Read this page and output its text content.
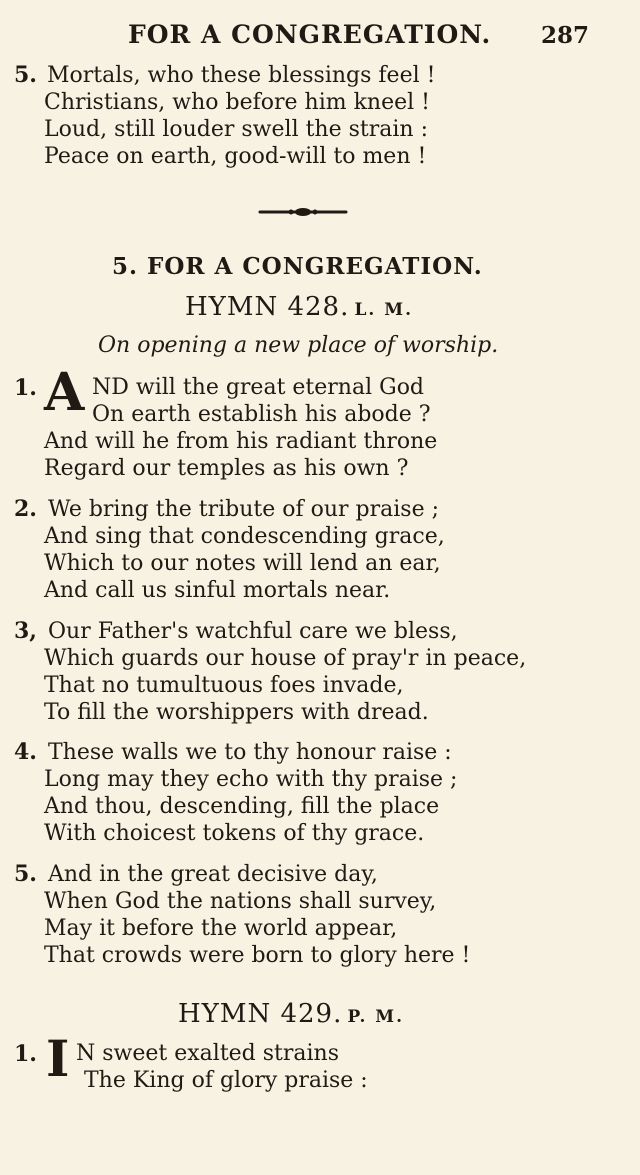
FOR A CONGREGATION. 287
5. Mortals, who these blessings feel !
Christians, who before him kneel !
Loud, still louder swell the strain :
Peace on earth, good-will to men !
5. FOR A CONGREGATION.
HYMN 428. L. M.
On opening a new place of worship.
1. A ND will the great eternal God
On earth establish his abode ?
And will he from his radiant throne
Regard our temples as his own ?
2. We bring the tribute of our praise ;
And sing that condescending grace,
Which to our notes will lend an ear,
And call us sinful mortals near.
3, Our Father's watchful care we bless,
Which guards our house of pray'r in peace,
That no tumultuous foes invade,
To fill the worshippers with dread.
4. These walls we to thy honour raise :
Long may they echo with thy praise ;
And thou, descending, fill the place
With choicest tokens of thy grace.
5. And in the great decisive day,
When God the nations shall survey,
May it before the world appear,
That crowds were born to glory here !
HYMN 429. P. M.
1. I N sweet exalted strains
The King of glory praise :
